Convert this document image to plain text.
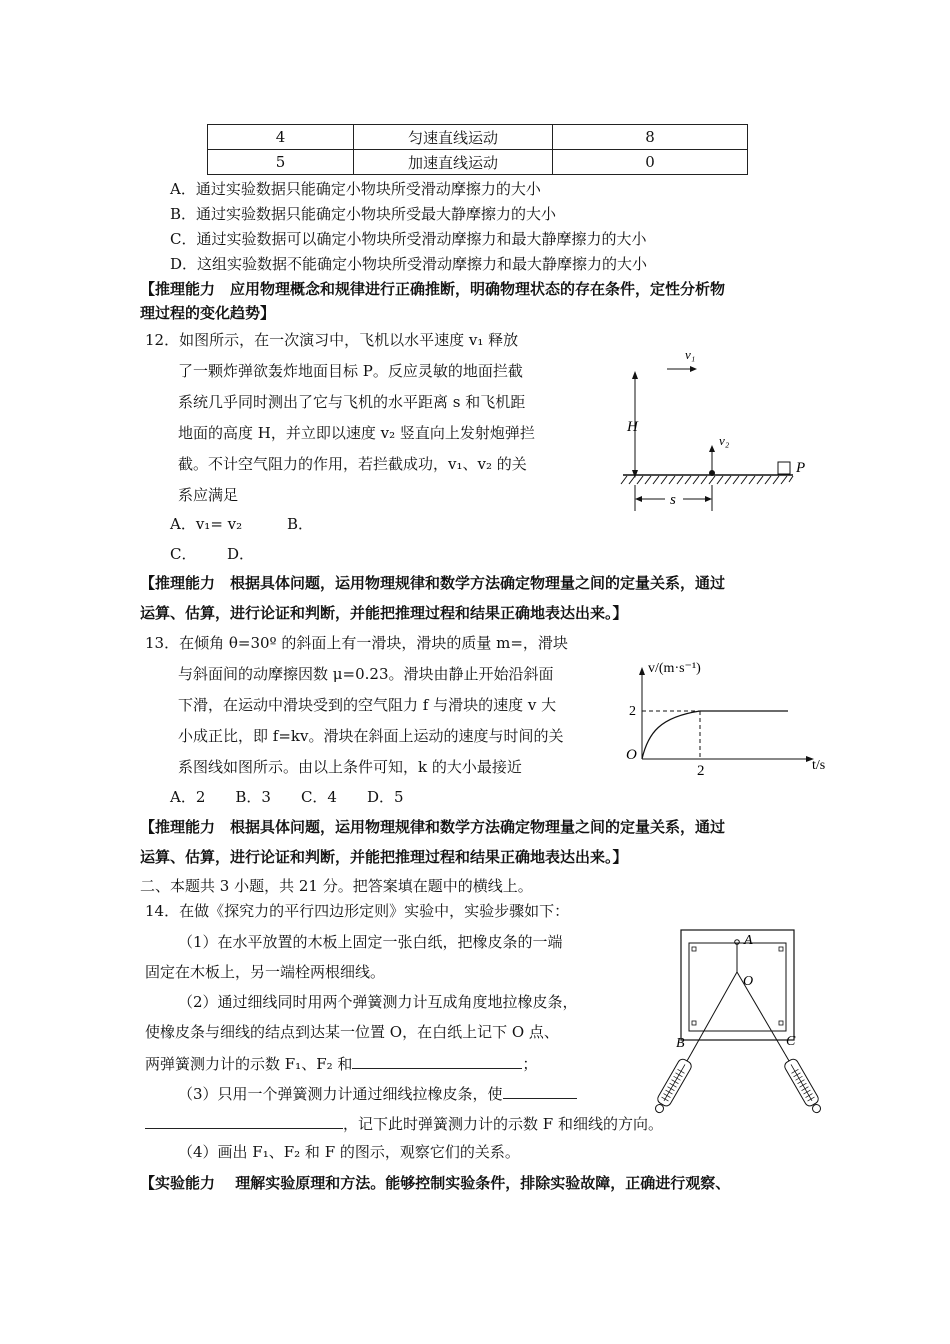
4	匀速直线运动	8
5	加速直线运动	0
A．通过实验数据只能确定小物块所受滑动摩擦力的大小
B．通过实验数据只能确定小物块所受最大静摩擦力的大小
C．通过实验数据可以确定小物块所受滑动摩擦力和最大静摩擦力的大小
D．这组实验数据不能确定小物块所受滑动摩擦力和最大静摩擦力的大小
【推理能力　应用物理概念和规律进行正确推断，明确物理状态的存在条件，定性分析物
理过程的变化趋势】
12．如图所示，在一次演习中，飞机以水平速度 v₁ 释放
了一颗炸弹欲轰炸地面目标 P。反应灵敏的地面拦截
系统几乎同时测出了它与飞机的水平距离 s 和飞机距
地面的高度 H，并立即以速度 v₂ 竖直向上发射炮弹拦
截。不计空气阻力的作用，若拦截成功，v₁、v₂ 的关
系应满足
A．v₁= v₂	B．
C． D．
v₁
H
v₂
P
s
【推理能力　根据具体问题，运用物理规律和数学方法确定物理量之间的定量关系，通过
运算、估算，进行论证和判断，并能把推理过程和结果正确地表达出来。】
13．在倾角 θ=30º 的斜面上有一滑块，滑块的质量 m=，滑块
与斜面间的动摩擦因数 μ=0.23。滑块由静止开始沿斜面
下滑，在运动中滑块受到的空气阻力 f 与滑块的速度 v 大
小成正比，即 f=kv。滑块在斜面上运动的速度与时间的关
系图线如图所示。由以上条件可知，k 的大小最接近
A．2　　B．3　　C．4　　D．5
v/(m·s⁻¹)
t/s
O
2
2
【推理能力　根据具体问题，运用物理规律和数学方法确定物理量之间的定量关系，通过
运算、估算，进行论证和判断，并能把推理过程和结果正确地表达出来。】
二、本题共 3 小题，共 21 分。把答案填在题中的横线上。
14．在做《探究力的平行四边形定则》实验中，实验步骤如下：
（1）在水平放置的木板上固定一张白纸，把橡皮条的一端
固定在木板上，另一端栓两根细线。
（2）通过细线同时用两个弹簧测力计互成角度地拉橡皮条，
使橡皮条与细线的结点到达某一位置 O，在白纸上记下 O 点、
两弹簧测力计的示数 F₁、F₂ 和	；
（3）只用一个弹簧测力计通过细线拉橡皮条，使
，记下此时弹簧测力计的示数 F 和细线的方向。
（4）画出 F₁、F₂ 和 F 的图示，观察它们的关系。
A
O
B	C
【实验能力　 理解实验原理和方法。能够控制实验条件，排除实验故障，正确进行观察、
